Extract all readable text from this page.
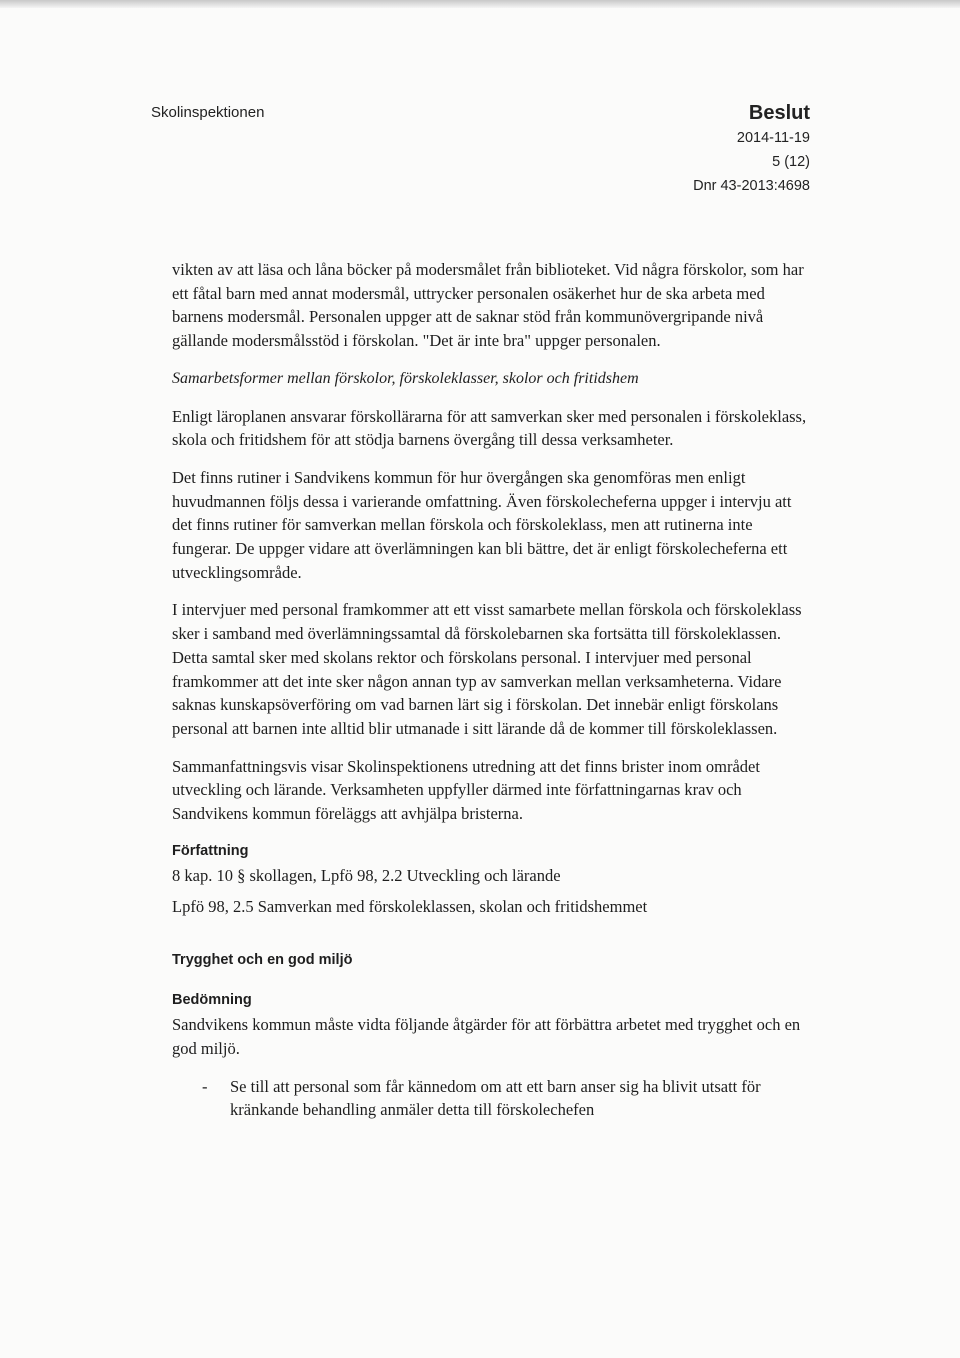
Skolinspektionen	Beslut
2014-11-19
5 (12)
Dnr 43-2013:4698

vikten av att läsa och låna böcker på modersmålet från biblioteket. Vid några förskolor, som har ett fåtal barn med annat modersmål, uttrycker personalen osäkerhet hur de ska arbeta med barnens modersmål. Personalen uppger att de saknar stöd från kommunövergripande nivå gällande modersmålsstöd i förskolan. "Det är inte bra" uppger personalen.

Samarbetsformer mellan förskolor, förskoleklasser, skolor och fritidshem

Enligt läroplanen ansvarar förskollärarna för att samverkan sker med personalen i förskoleklass, skola och fritidshem för att stödja barnens övergång till dessa verksamheter.

Det finns rutiner i Sandvikens kommun för hur övergången ska genomföras men enligt huvudmannen följs dessa i varierande omfattning. Även förskolecheferna uppger i intervju att det finns rutiner för samverkan mellan förskola och förskoleklass, men att rutinerna inte fungerar. De uppger vidare att överlämningen kan bli bättre, det är enligt förskolecheferna ett utvecklingsområde.

I intervjuer med personal framkommer att ett visst samarbete mellan förskola och förskoleklass sker i samband med överlämningssamtal då förskolebarnen ska fortsätta till förskoleklassen. Detta samtal sker med skolans rektor och förskolans personal. I intervjuer med personal framkommer att det inte sker någon annan typ av samverkan mellan verksamheterna. Vidare saknas kunskapsöverföring om vad barnen lärt sig i förskolan. Det innebär enligt förskolans personal att barnen inte alltid blir utmanade i sitt lärande då de kommer till förskoleklassen.

Sammanfattningsvis visar Skolinspektionens utredning att det finns brister inom området utveckling och lärande. Verksamheten uppfyller därmed inte författningarnas krav och Sandvikens kommun föreläggs att avhjälpa bristerna.

Författning

8 kap. 10 § skollagen, Lpfö 98, 2.2 Utveckling och lärande

Lpfö 98, 2.5 Samverkan med förskoleklassen, skolan och fritidshemmet

Trygghet och en god miljö
Bedömning

Sandvikens kommun måste vidta följande åtgärder för att förbättra arbetet med trygghet och en god miljö.

-	Se till att personal som får kännedom om att ett barn anser sig ha blivit utsatt för kränkande behandling anmäler detta till förskolechefen
